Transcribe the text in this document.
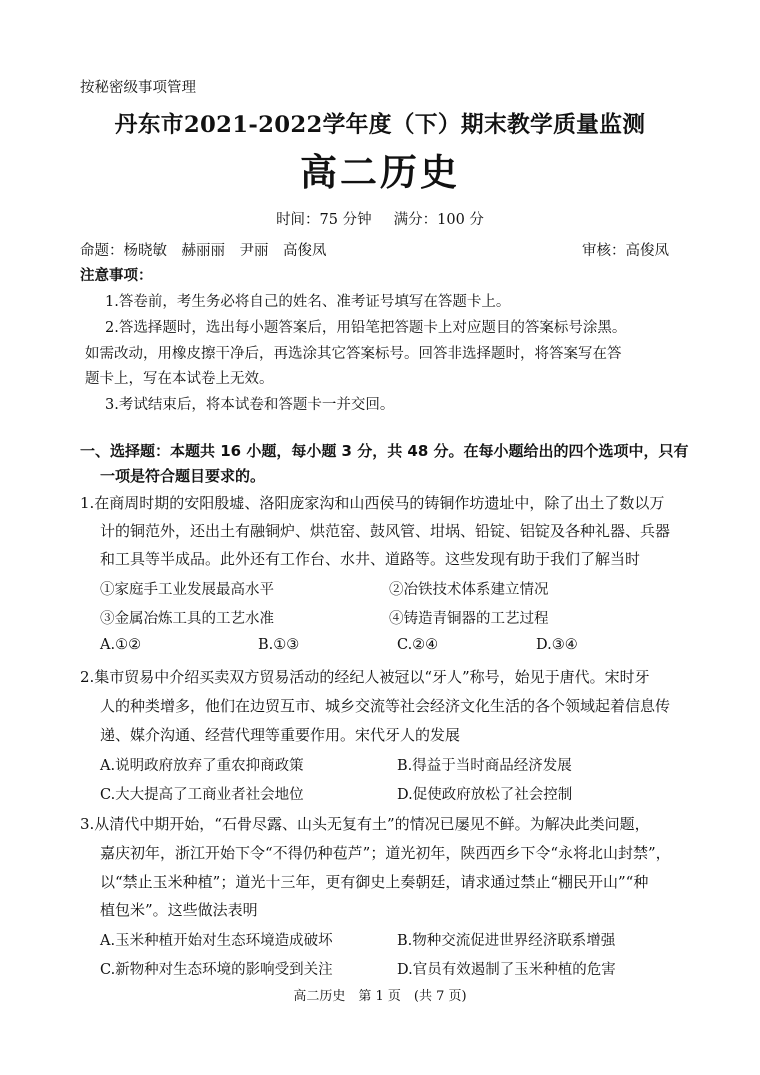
按秘密级事项管理
丹东市2021-2022学年度（下）期末教学质量监测
高二历史
时间：75 分钟 满分：100 分
命题：杨晓敏　赫丽丽　尹丽　高俊凤	审核：高俊凤
注意事项：
1.答卷前，考生务必将自己的姓名、准考证号填写在答题卡上。
2.答选择题时，选出每小题答案后，用铅笔把答题卡上对应题目的答案标号涂黑。
如需改动，用橡皮擦干净后，再选涂其它答案标号。回答非选择题时，将答案写在答
题卡上，写在本试卷上无效。
3.考试结束后，将本试卷和答题卡一并交回。
一、选择题：本题共 16 小题，每小题 3 分，共 48 分。在每小题给出的四个选项中，只有
一项是符合题目要求的。
1.在商周时期的安阳殷墟、洛阳庞家沟和山西侯马的铸铜作坊遗址中，除了出土了数以万
计的铜范外，还出土有融铜炉、烘范窑、鼓风管、坩埚、铅锭、铝锭及各种礼器、兵器
和工具等半成品。此外还有工作台、水井、道路等。这些发现有助于我们了解当时
①家庭手工业发展最高水平	②冶铁技术体系建立情况
③金属冶炼工具的工艺水准	④铸造青铜器的工艺过程
A.①②	B.①③	C.②④	D.③④
2.集市贸易中介绍买卖双方贸易活动的经纪人被冠以“牙人”称号，始见于唐代。宋时牙
人的种类增多，他们在边贸互市、城乡交流等社会经济文化生活的各个领域起着信息传
递、媒介沟通、经营代理等重要作用。宋代牙人的发展
A.说明政府放弃了重农抑商政策	B.得益于当时商品经济发展
C.大大提高了工商业者社会地位	D.促使政府放松了社会控制
3.从清代中期开始，“石骨尽露、山头无复有土”的情况已屡见不鲜。为解决此类问题，
嘉庆初年，浙江开始下令“不得仍种苞芦”；道光初年，陕西西乡下令“永将北山封禁”，
以“禁止玉米种植”；道光十三年，更有御史上奏朝廷，请求通过禁止“棚民开山”“种
植包米”。这些做法表明
A.玉米种植开始对生态环境造成破坏	B.物种交流促进世界经济联系增强
C.新物种对生态环境的影响受到关注	D.官员有效遏制了玉米种植的危害
高二历史　第 1 页　(共 7 页)
